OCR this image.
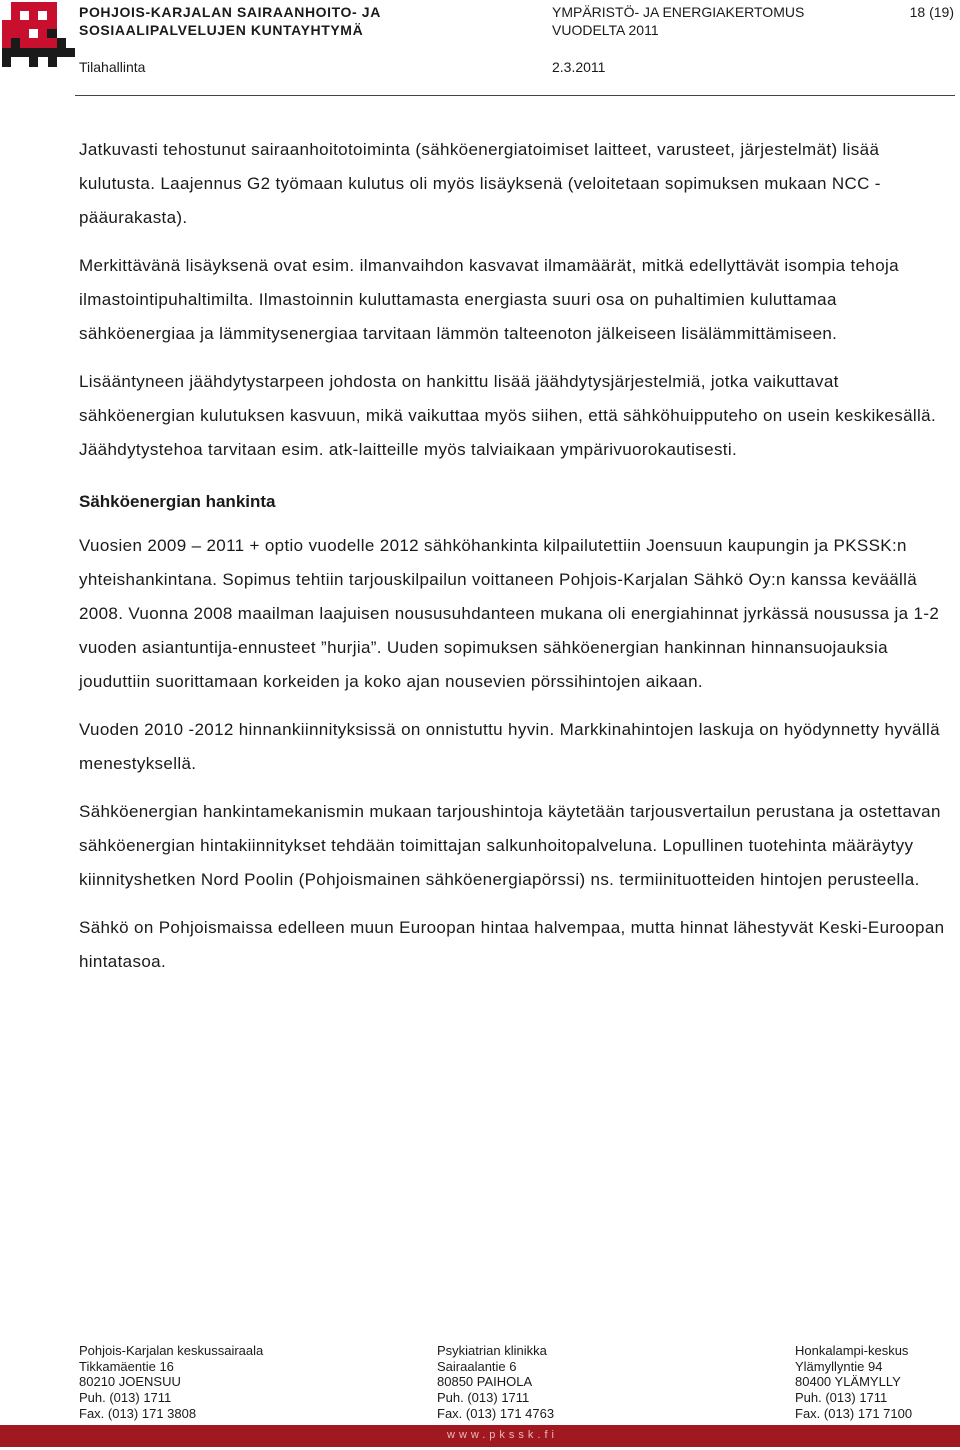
POHJOIS-KARJALAN SAIRAANHOITO- JA
SOSIAALIPALVELUJEN KUNTAYHTYMÄ
YMPÄRISTÖ- JA ENERGIAKERTOMUS
VUODELTA 2011
18 (19)
Tilahallinta	2.3.2011

Jatkuvasti tehostunut sairaanhoitotoiminta (sähköenergiatoimiset laitteet, varusteet, järjestelmät) lisää kulutusta. Laajennus G2 työmaan kulutus oli myös lisäyksenä (veloitetaan sopimuksen mukaan NCC -pääurakasta).

Merkittävänä lisäyksenä ovat esim. ilmanvaihdon kasvavat ilmamäärät, mitkä edellyttävät isompia tehoja ilmastointipuhaltimilta. Ilmastoinnin kuluttamasta energiasta suuri osa on puhaltimien kuluttamaa sähköenergiaa ja lämmitysenergiaa tarvitaan lämmön talteenoton jälkeiseen lisälämmittämiseen.

Lisääntyneen jäähdytystarpeen johdosta on hankittu lisää jäähdytysjärjestelmiä, jotka vaikuttavat sähköenergian kulutuksen kasvuun, mikä vaikuttaa myös siihen, että sähköhuipputeho on usein keskikesällä. Jäähdytystehoa tarvitaan esim. atk-laitteille myös talviaikaan ympärivuorokautisesti.

Sähköenergian hankinta

Vuosien 2009 – 2011 + optio vuodelle 2012 sähköhankinta kilpailutettiin Joensuun kaupungin ja PKSSK:n yhteishankintana. Sopimus tehtiin tarjouskilpailun voittaneen Pohjois-Karjalan Sähkö Oy:n kanssa keväällä 2008. Vuonna 2008 maailman laajuisen noususuhdanteen mukana oli energiahinnat jyrkässä nousussa ja 1-2 vuoden asiantuntija-ennusteet ”hurjia”. Uuden sopimuksen sähköenergian hankinnan hinnansuojauksia jouduttiin suorittamaan korkeiden ja koko ajan nousevien pörssihintojen aikaan.

Vuoden 2010 -2012 hinnankiinnityksissä on onnistuttu hyvin. Markkinahintojen laskuja on hyödynnetty hyvällä menestyksellä.

Sähköenergian hankintamekanismin mukaan tarjoushintoja käytetään tarjousvertailun perustana ja ostettavan sähköenergian hintakiinnitykset tehdään toimittajan salkunhoitopalveluna. Lopullinen tuotehinta määräytyy kiinnityshetken Nord Poolin (Pohjoismainen sähköenergiapörssi) ns. termiinituotteiden hintojen perusteella.

Sähkö on Pohjoismaissa edelleen muun Euroopan hintaa halvempaa, mutta hinnat lähestyvät Keski-Euroopan hintatasoa.

Pohjois-Karjalan keskussairaala
Tikkamäentie 16
80210 JOENSUU
Puh. (013) 1711
Fax. (013) 171 3808
Psykiatrian klinikka
Sairaalantie 6
80850 PAIHOLA
Puh. (013) 1711
Fax. (013) 171 4763
Honkalampi-keskus
Ylämyllyntie 94
80400 YLÄMYLLY
Puh. (013) 1711
Fax. (013) 171 7100
www.pkssk.fi
